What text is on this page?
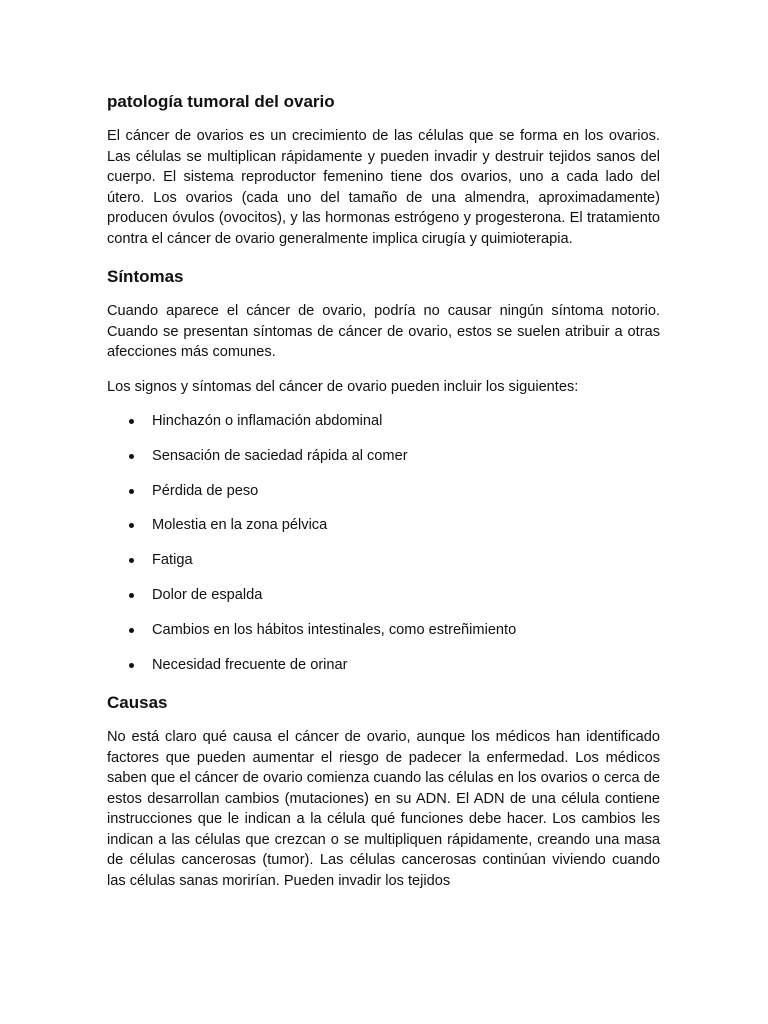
patología tumoral del ovario

El cáncer de ovarios es un crecimiento de las células que se forma en los ovarios. Las células se multiplican rápidamente y pueden invadir y destruir tejidos sanos del cuerpo. El sistema reproductor femenino tiene dos ovarios, uno a cada lado del útero. Los ovarios (cada uno del tamaño de una almendra, aproximadamente) producen óvulos (ovocitos), y las hormonas estrógeno y progesterona. El tratamiento contra el cáncer de ovario generalmente implica cirugía y quimioterapia.

Síntomas

Cuando aparece el cáncer de ovario, podría no causar ningún síntoma notorio. Cuando se presentan síntomas de cáncer de ovario, estos se suelen atribuir a otras afecciones más comunes.

Los signos y síntomas del cáncer de ovario pueden incluir los siguientes:

Hinchazón o inflamación abdominal
Sensación de saciedad rápida al comer
Pérdida de peso
Molestia en la zona pélvica
Fatiga
Dolor de espalda
Cambios en los hábitos intestinales, como estreñimiento
Necesidad frecuente de orinar
Causas

No está claro qué causa el cáncer de ovario, aunque los médicos han identificado factores que pueden aumentar el riesgo de padecer la enfermedad. Los médicos saben que el cáncer de ovario comienza cuando las células en los ovarios o cerca de estos desarrollan cambios (mutaciones) en su ADN. El ADN de una célula contiene instrucciones que le indican a la célula qué funciones debe hacer. Los cambios les indican a las células que crezcan o se multipliquen rápidamente, creando una masa de células cancerosas (tumor). Las células cancerosas continúan viviendo cuando las células sanas morirían. Pueden invadir los tejidos
